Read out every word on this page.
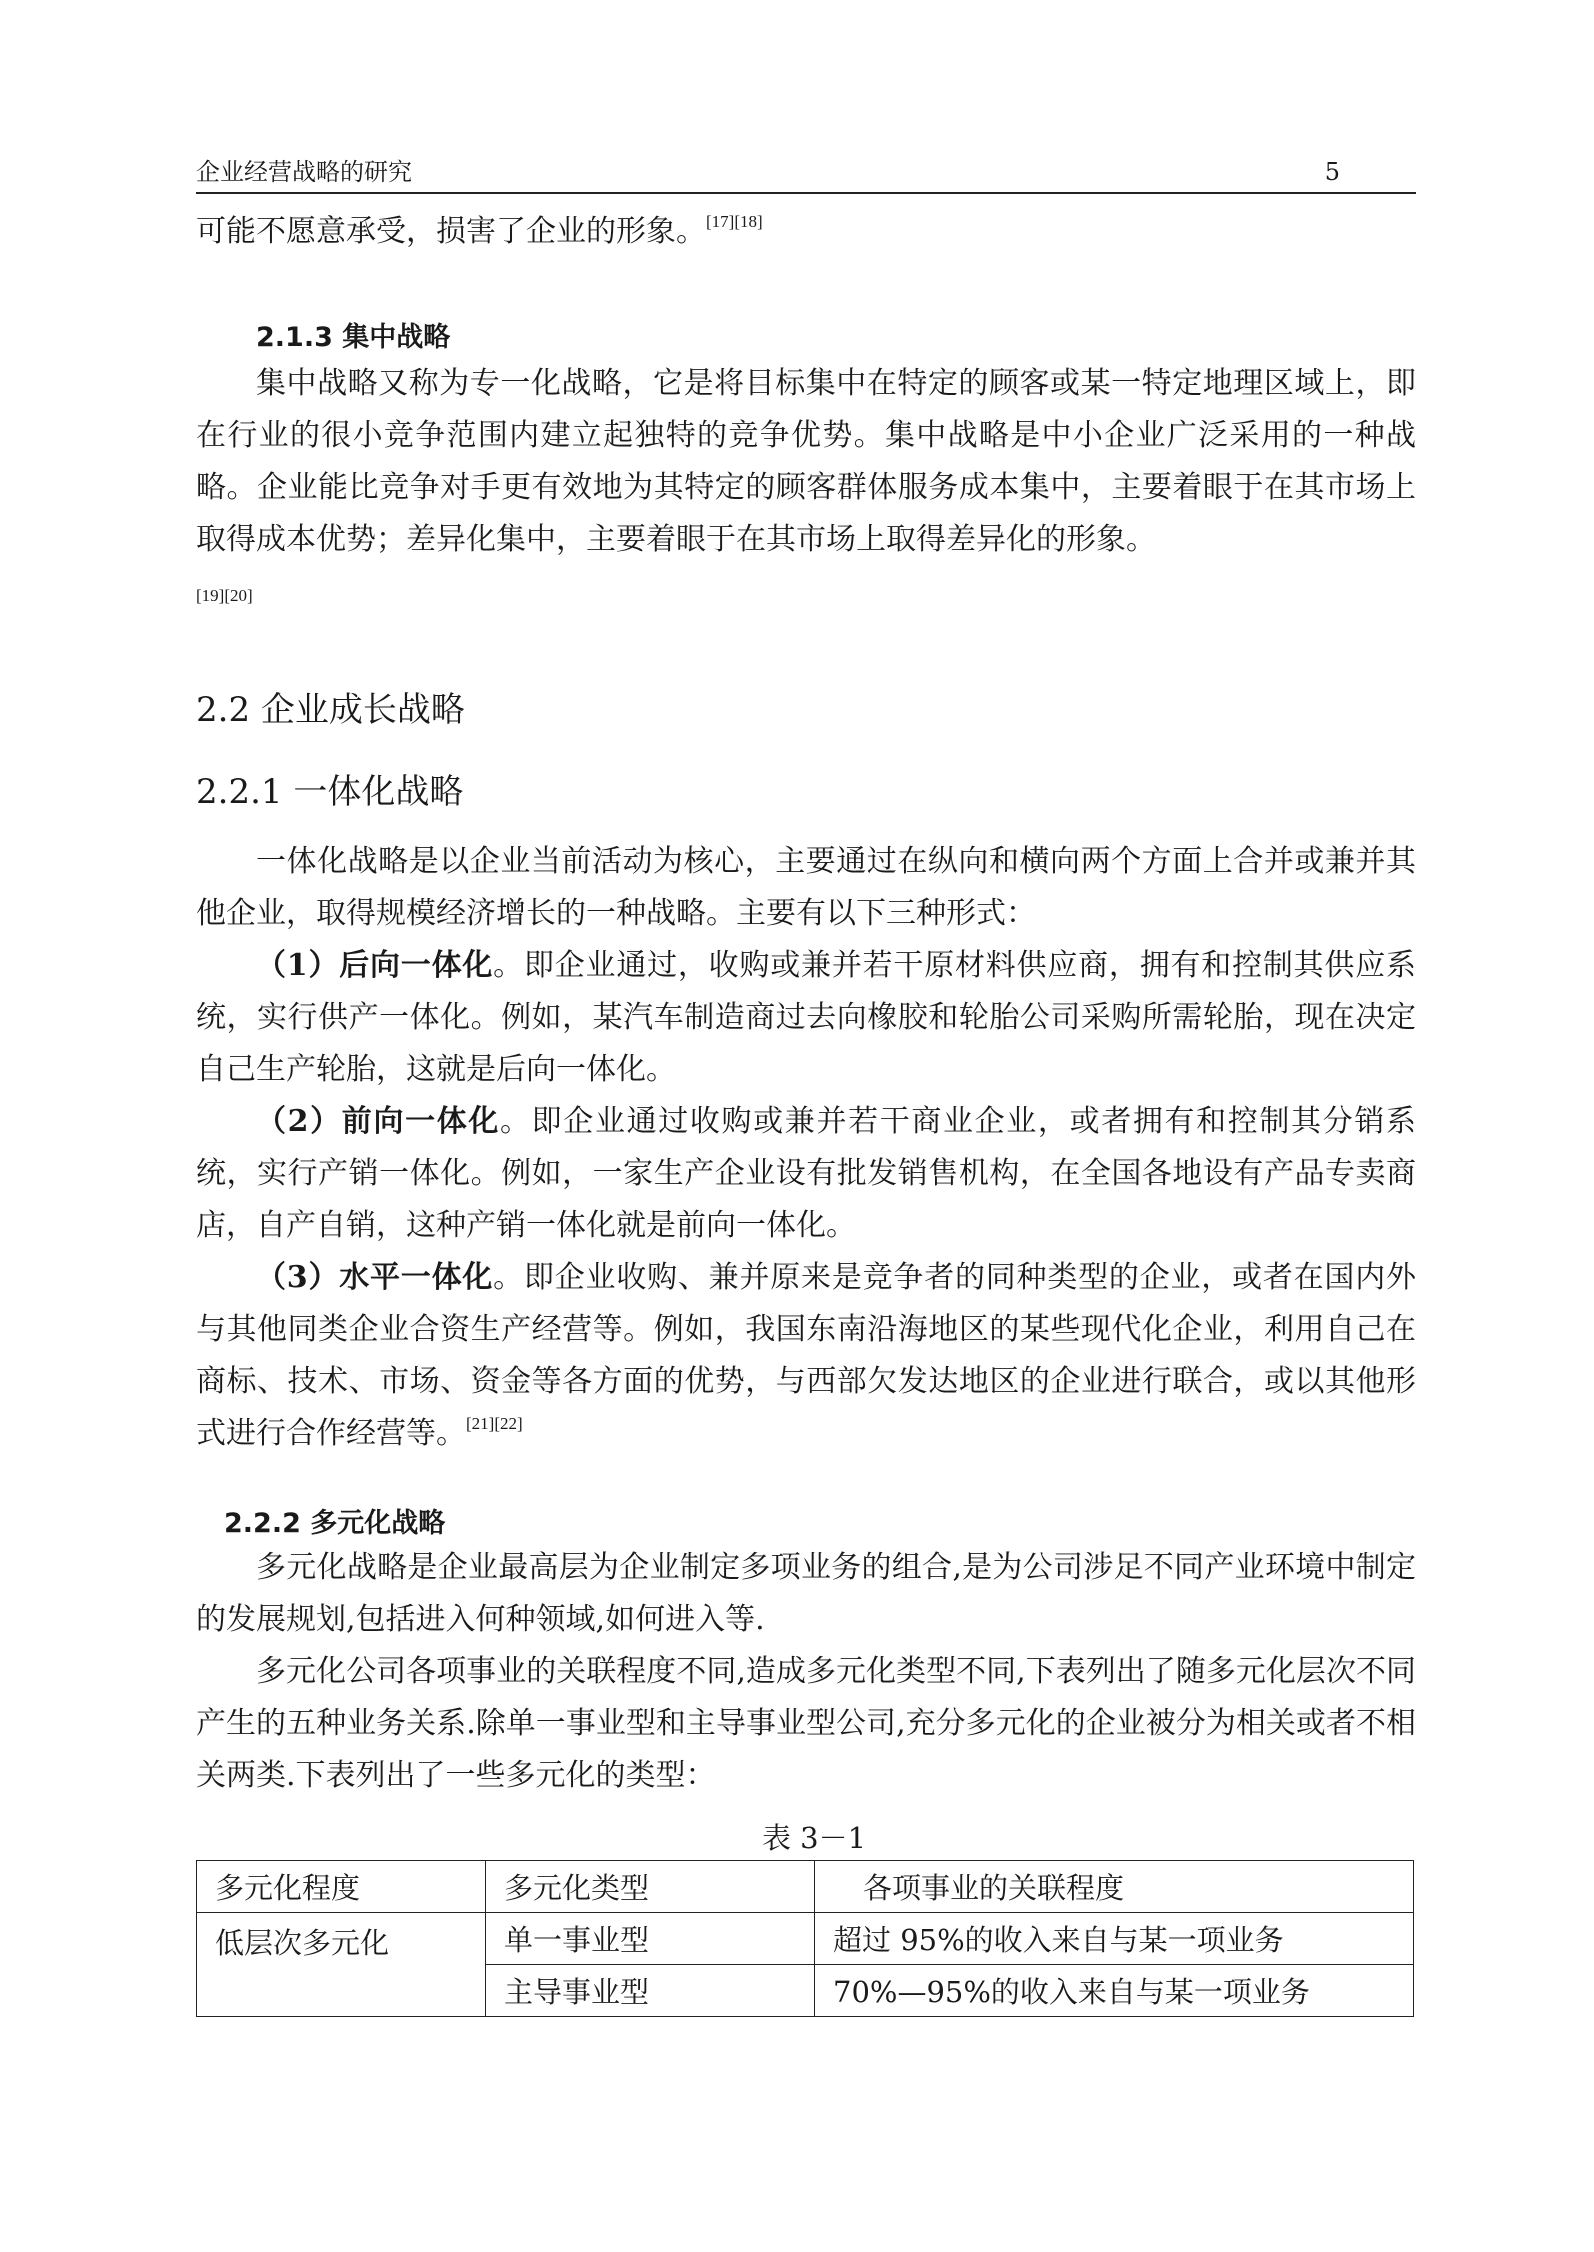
企业经营战略的研究	5

可能不愿意承受，损害了企业的形象。[17][18]

2.1.3 集中战略

集中战略又称为专一化战略，它是将目标集中在特定的顾客或某一特定地理区域上，即在行业的很小竞争范围内建立起独特的竞争优势。集中战略是中小企业广泛采用的一种战略。企业能比竞争对手更有效地为其特定的顾客群体服务成本集中，主要着眼于在其市场上取得成本优势；差异化集中，主要着眼于在其市场上取得差异化的形象。
[19][20]

2.2 企业成长战略
2.2.1 一体化战略

一体化战略是以企业当前活动为核心，主要通过在纵向和横向两个方面上合并或兼并其他企业，取得规模经济增长的一种战略。主要有以下三种形式：

（1）后向一体化。即企业通过，收购或兼并若干原材料供应商，拥有和控制其供应系统，实行供产一体化。例如，某汽车制造商过去向橡胶和轮胎公司采购所需轮胎，现在决定自己生产轮胎，这就是后向一体化。

（2）前向一体化。即企业通过收购或兼并若干商业企业，或者拥有和控制其分销系统，实行产销一体化。例如，一家生产企业设有批发销售机构，在全国各地设有产品专卖商店，自产自销，这种产销一体化就是前向一体化。

（3）水平一体化。即企业收购、兼并原来是竞争者的同种类型的企业，或者在国内外与其他同类企业合资生产经营等。例如，我国东南沿海地区的某些现代化企业，利用自己在商标、技术、市场、资金等各方面的优势，与西部欠发达地区的企业进行联合，或以其他形式进行合作经营等。[21][22]

2.2.2 多元化战略

多元化战略是企业最高层为企业制定多项业务的组合,是为公司涉足不同产业环境中制定的发展规划,包括进入何种领域,如何进入等.

多元化公司各项事业的关联程度不同,造成多元化类型不同,下表列出了随多元化层次不同产生的五种业务关系.除单一事业型和主导事业型公司,充分多元化的企业被分为相关或者不相关两类.下表列出了一些多元化的类型：

表 3－1
多元化程度	多元化类型	各项事业的关联程度
低层次多元化	单一事业型	超过 95%的收入来自与某一项业务
	主导事业型	70%—95%的收入来自与某一项业务
